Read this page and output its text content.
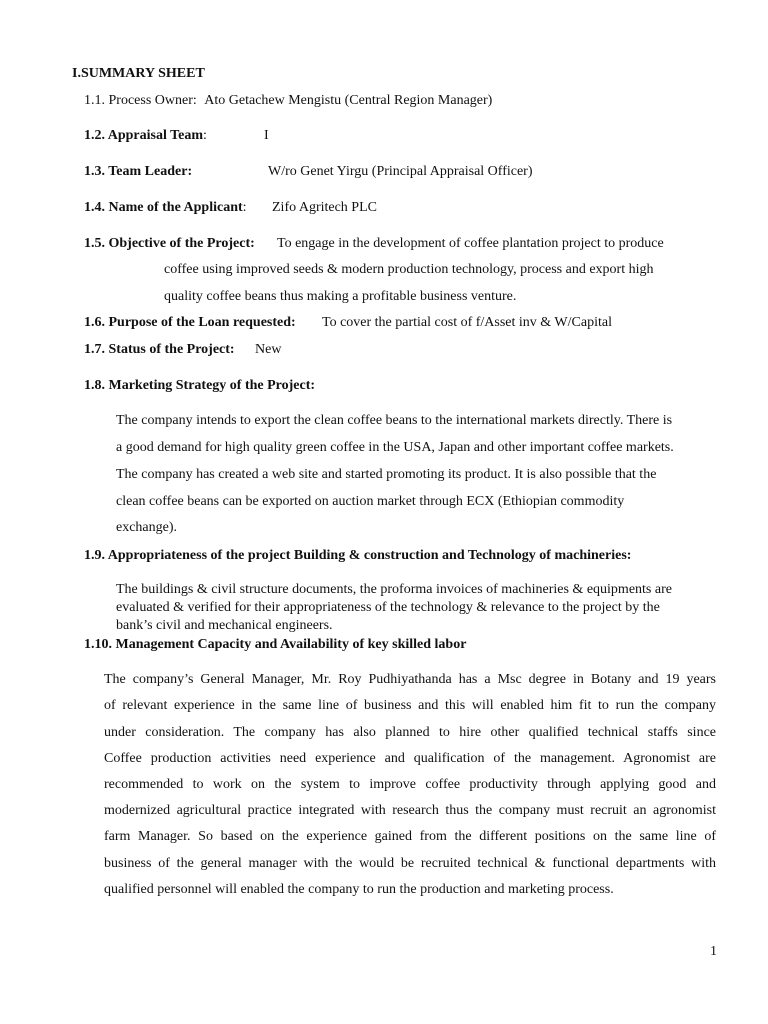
I.SUMMARY SHEET
1.1. Process Owner: Ato Getachew Mengistu (Central Region Manager)
1.2. Appraisal Team:	I
1.3. Team Leader:	W/ro Genet Yirgu (Principal Appraisal Officer)
1.4. Name of the Applicant: Zifo Agritech PLC
1.5. Objective of the Project: To engage in the development of coffee plantation project to produce
coffee using improved seeds & modern production technology, process and export high
quality coffee beans thus making a profitable business venture.
1.6. Purpose of the Loan requested: To cover the partial cost of f/Asset inv & W/Capital
1.7. Status of the Project: New
1.8. Marketing Strategy of the Project:
The company intends to export the clean coffee beans to the international markets directly. There is
a good demand for high quality green coffee in the USA, Japan and other important coffee markets.
The company has created a web site and started promoting its product. It is also possible that the
clean coffee beans can be exported on auction market through ECX (Ethiopian commodity
exchange).
1.9. Appropriateness of the project Building & construction and Technology of machineries:
The buildings & civil structure documents, the proforma invoices of machineries & equipments are
evaluated & verified for their appropriateness of the technology & relevance to the project by the
bank’s civil and mechanical engineers.
1.10. Management Capacity and Availability of key skilled labor
The company’s General Manager, Mr. Roy Pudhiyathanda has a Msc degree in Botany and 19 years
of relevant experience in the same line of business and this will enabled him fit to run the company
under consideration. The company has also planned to hire other qualified technical staffs since
Coffee production activities need experience and qualification of the management. Agronomist are
recommended to work on the system to improve coffee productivity through applying good and
modernized agricultural practice integrated with research thus the company must recruit an agronomist
farm Manager. So based on the experience gained from the different positions on the same line of
business of the general manager with the would be recruited technical & functional departments with
qualified personnel will enabled the company to run the production and marketing process.
1
